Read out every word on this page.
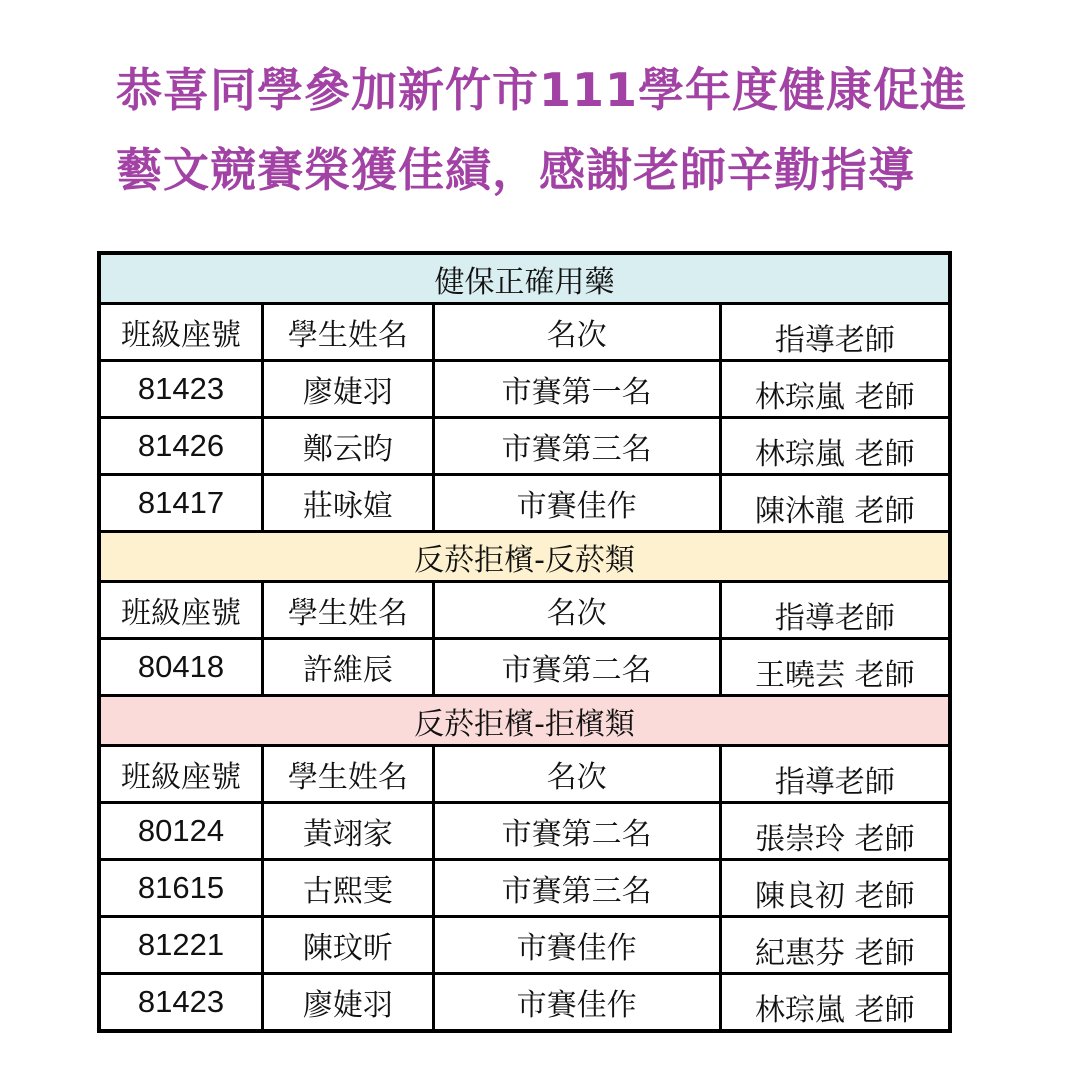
恭喜同學參加新竹市111學年度健康促進
藝文競賽榮獲佳績，感謝老師辛勤指導
健保正確用藥			
班級座號	學生姓名	名次	指導老師
81423	廖婕羽	市賽第一名	林琮嵐 老師
81426	鄭云昀	市賽第三名	林琮嵐 老師
81417	莊咏媗	市賽佳作	陳沐龍 老師
反菸拒檳-反菸類			
班級座號	學生姓名	名次	指導老師
80418	許維辰	市賽第二名	王曉芸 老師
反菸拒檳-拒檳類			
班級座號	學生姓名	名次	指導老師
80124	黃翊家	市賽第二名	張崇玲 老師
81615	古熙雯	市賽第三名	陳良初 老師
81221	陳玟昕	市賽佳作	紀惠芬 老師
81423	廖婕羽	市賽佳作	林琮嵐 老師
